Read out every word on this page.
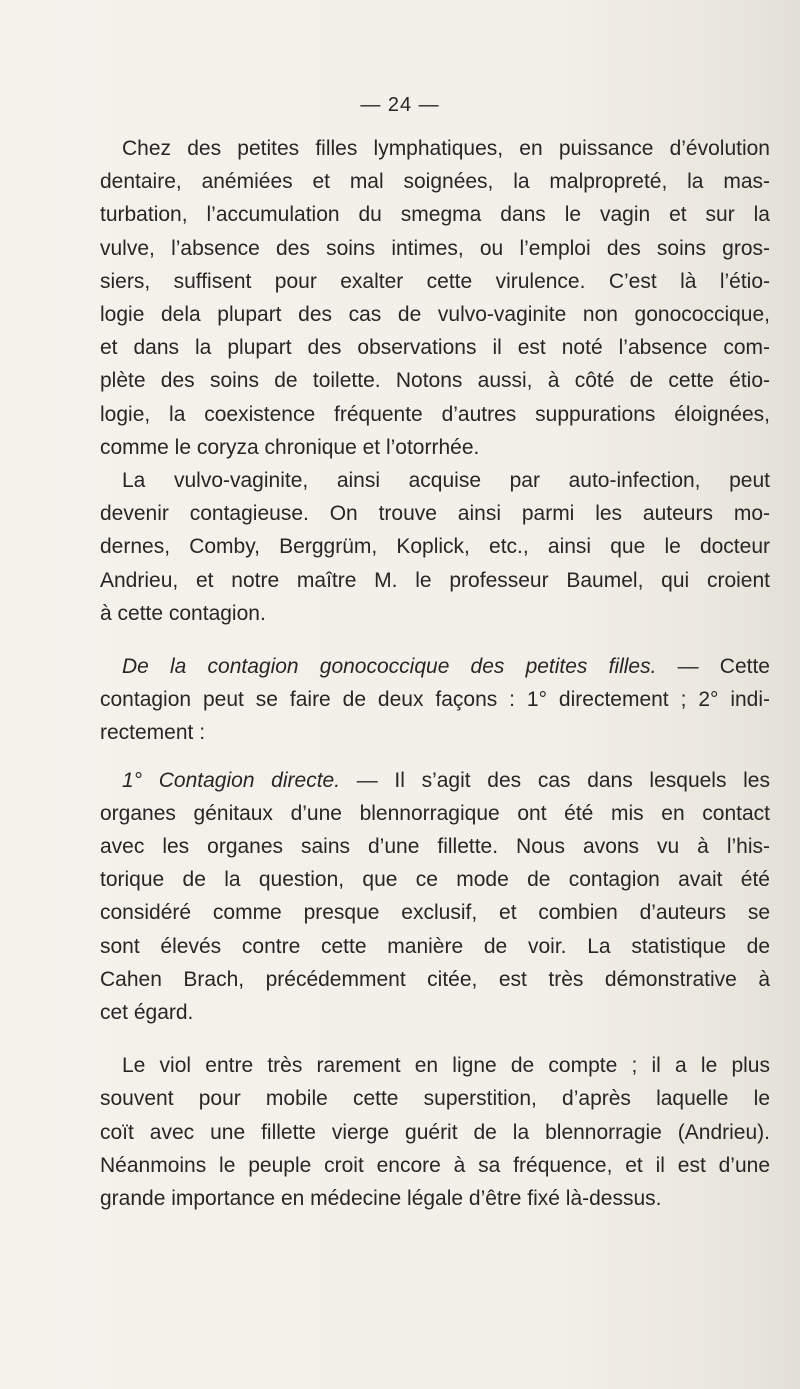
— 24 —
Chez des petites filles lymphatiques, en puissance d’évolution
dentaire, anémiées et mal soignées, la malpropreté, la mas-
turbation, l’accumulation du smegma dans le vagin et sur la
vulve, l’absence des soins intimes, ou l’emploi des soins gros-
siers, suffisent pour exalter cette virulence. C’est là l’étio-
logie dela plupart des cas de vulvo-vaginite non gonococcique,
et dans la plupart des observations il est noté l’absence com-
plète des soins de toilette. Notons aussi, à côté de cette étio-
logie, la coexistence fréquente d’autres suppurations éloignées,
comme le coryza chronique et l’otorrhée.
La vulvo-vaginite, ainsi acquise par auto-infection, peut
devenir contagieuse. On trouve ainsi parmi les auteurs mo-
dernes, Comby, Berggrüm, Koplick, etc., ainsi que le docteur
Andrieu, et notre maître M. le professeur Baumel, qui croient
à cette contagion.
De la contagion gonococcique des petites filles. — Cette
contagion peut se faire de deux façons : 1° directement ; 2° indi-
rectement :
1° Contagion directe. — Il s’agit des cas dans lesquels les
organes génitaux d’une blennorragique ont été mis en contact
avec les organes sains d’une fillette. Nous avons vu à l’his-
torique de la question, que ce mode de contagion avait été
considéré comme presque exclusif, et combien d’auteurs se
sont élevés contre cette manière de voir. La statistique de
Cahen Brach, précédemment citée, est très démonstrative à
cet égard.
Le viol entre très rarement en ligne de compte ; il a le plus
souvent pour mobile cette superstition, d’après laquelle le
coït avec une fillette vierge guérit de la blennorragie (Andrieu).
Néanmoins le peuple croit encore à sa fréquence, et il est d’une
grande importance en médecine légale d’être fixé là-dessus.
